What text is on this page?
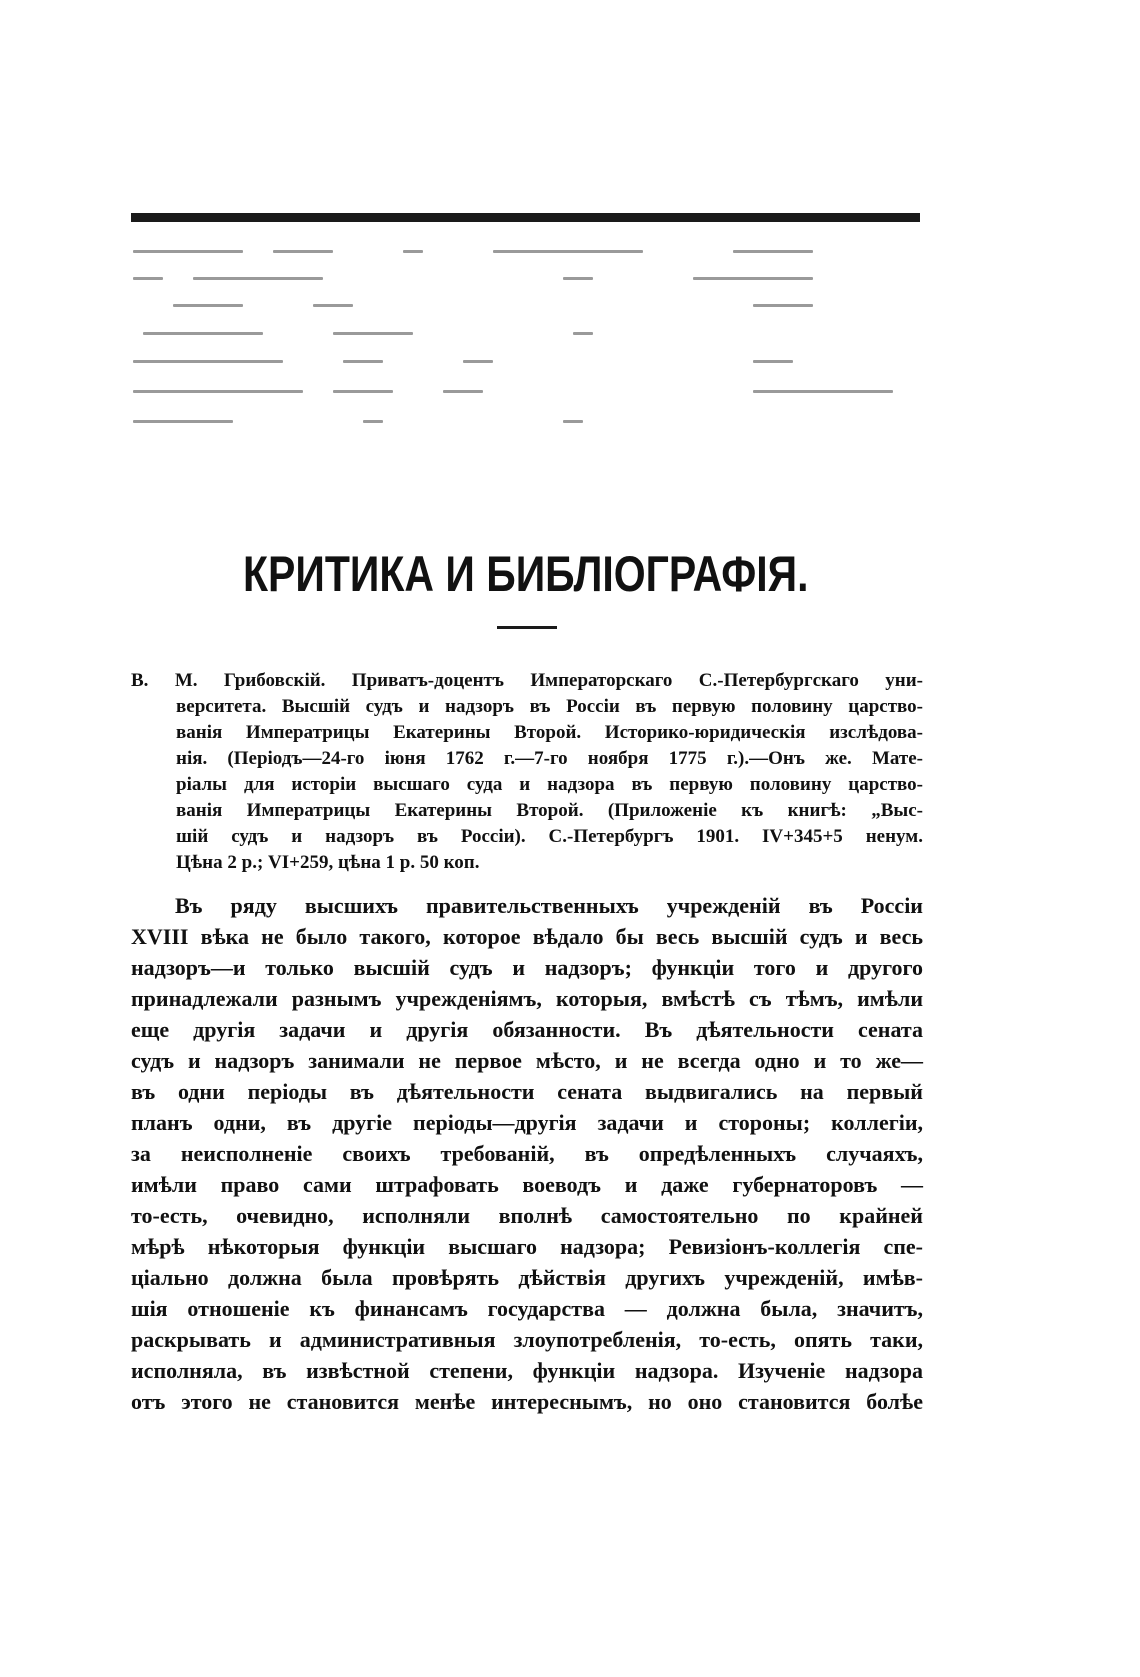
КРИТИКА И БИБЛІОГРАФІЯ.
В. М. Грибовскій. Приватъ-доцентъ Императорскаго С.-Петербургскаго уни-
верситета. Высшій судъ и надзоръ въ Россіи въ первую половину царство-
ванія Императрицы Екатерины Второй. Историко-юридическія изслѣдова-
нія. (Періодъ—24-го іюня 1762 г.—7-го ноября 1775 г.).—Онъ же. Мате-
ріалы для исторіи высшаго суда и надзора въ первую половину царство-
ванія Императрицы Екатерины Второй. (Приложеніе къ книгѣ: „Выс-
шій судъ и надзоръ въ Россіи). С.-Петербургъ 1901. IV+345+5 ненум.
Цѣна 2 р.; VI+259, цѣна 1 р. 50 коп.
Въ ряду высшихъ правительственныхъ учрежденій въ Россіи
XVIII вѣка не было такого, которое вѣдало бы весь высшій судъ и весь
надзоръ—и только высшій судъ и надзоръ; функціи того и другого
принадлежали разнымъ учрежденіямъ, которыя, вмѣстѣ съ тѣмъ, имѣли
еще другія задачи и другія обязанности. Въ дѣятельности сената
судъ и надзоръ занимали не первое мѣсто, и не всегда одно и то же—
въ одни періоды въ дѣятельности сената выдвигались на первый
планъ одни, въ другіе періоды—другія задачи и стороны; коллегіи,
за неисполненіе своихъ требованій, въ опредѣленныхъ случаяхъ,
имѣли право сами штрафовать воеводъ и даже губернаторовъ —
то-есть, очевидно, исполняли вполнѣ самостоятельно по крайней
мѣрѣ нѣкоторыя функціи высшаго надзора; Ревизіонъ-коллегія спе-
ціально должна была провѣрять дѣйствія другихъ учрежденій, имѣв-
шія отношеніе къ финансамъ государства — должна была, значитъ,
раскрывать и административныя злоупотребленія, то-есть, опять таки,
исполняла, въ извѣстной степени, функціи надзора. Изученіе надзора
отъ этого не становится менѣе интереснымъ, но оно становится болѣе
